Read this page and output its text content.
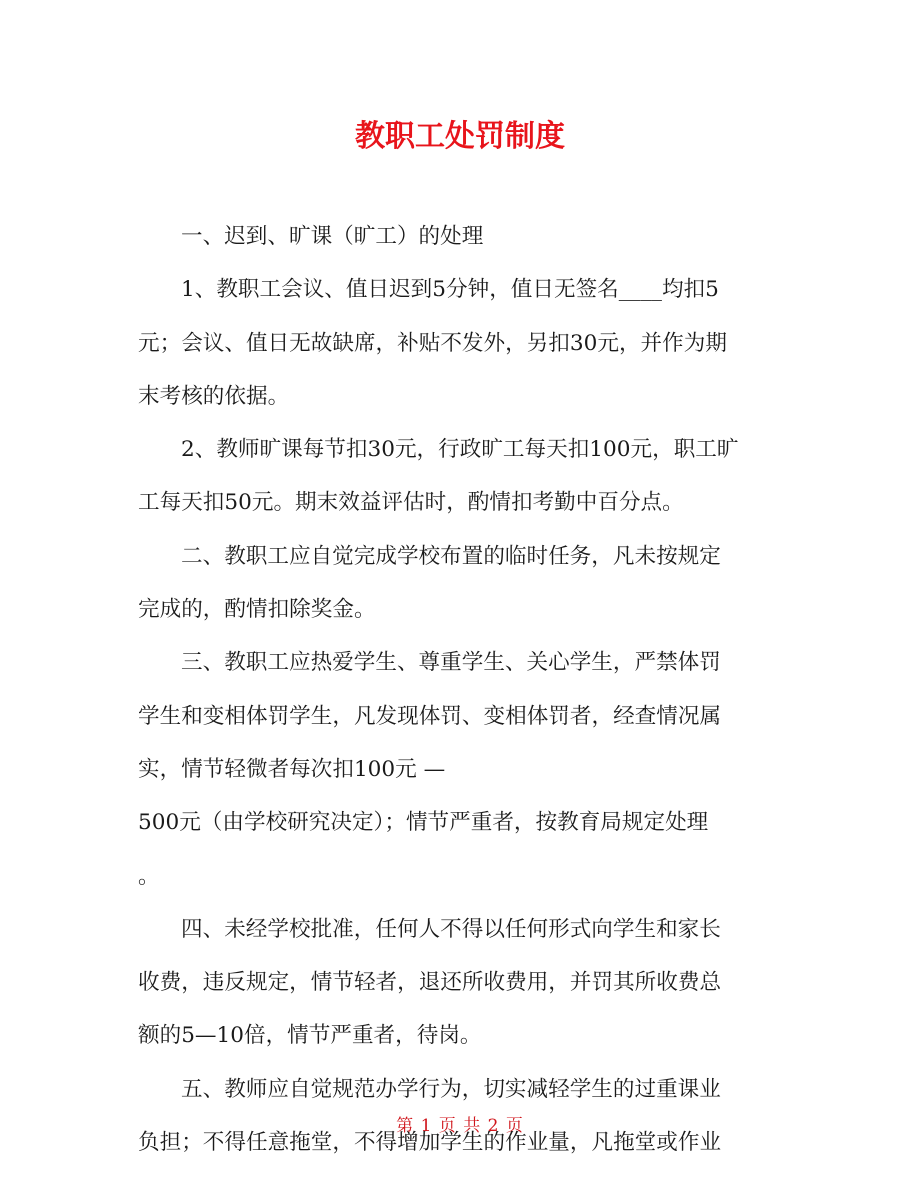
教职工处罚制度
一、迟到、旷课（旷工）的处理
1、教职工会议、值日迟到5分钟，值日无签名____均扣5
元；会议、值日无故缺席，补贴不发外，另扣30元，并作为期
末考核的依据。
2、教师旷课每节扣30元，行政旷工每天扣100元，职工旷
工每天扣50元。期末效益评估时，酌情扣考勤中百分点。
二、教职工应自觉完成学校布置的临时任务，凡未按规定
完成的，酌情扣除奖金。
三、教职工应热爱学生、尊重学生、关心学生，严禁体罚
学生和变相体罚学生，凡发现体罚、变相体罚者，经查情况属
实，情节轻微者每次扣100元 —
500元（由学校研究决定）；情节严重者，按教育局规定处理
。
四、未经学校批准，任何人不得以任何形式向学生和家长
收费，违反规定，情节轻者，退还所收费用，并罚其所收费总
额的5—10倍，情节严重者，待岗。
五、教师应自觉规范办学行为，切实减轻学生的过重课业
负担；不得任意拖堂，不得增加学生的作业量，凡拖堂或作业
第 1 页 共 2 页
